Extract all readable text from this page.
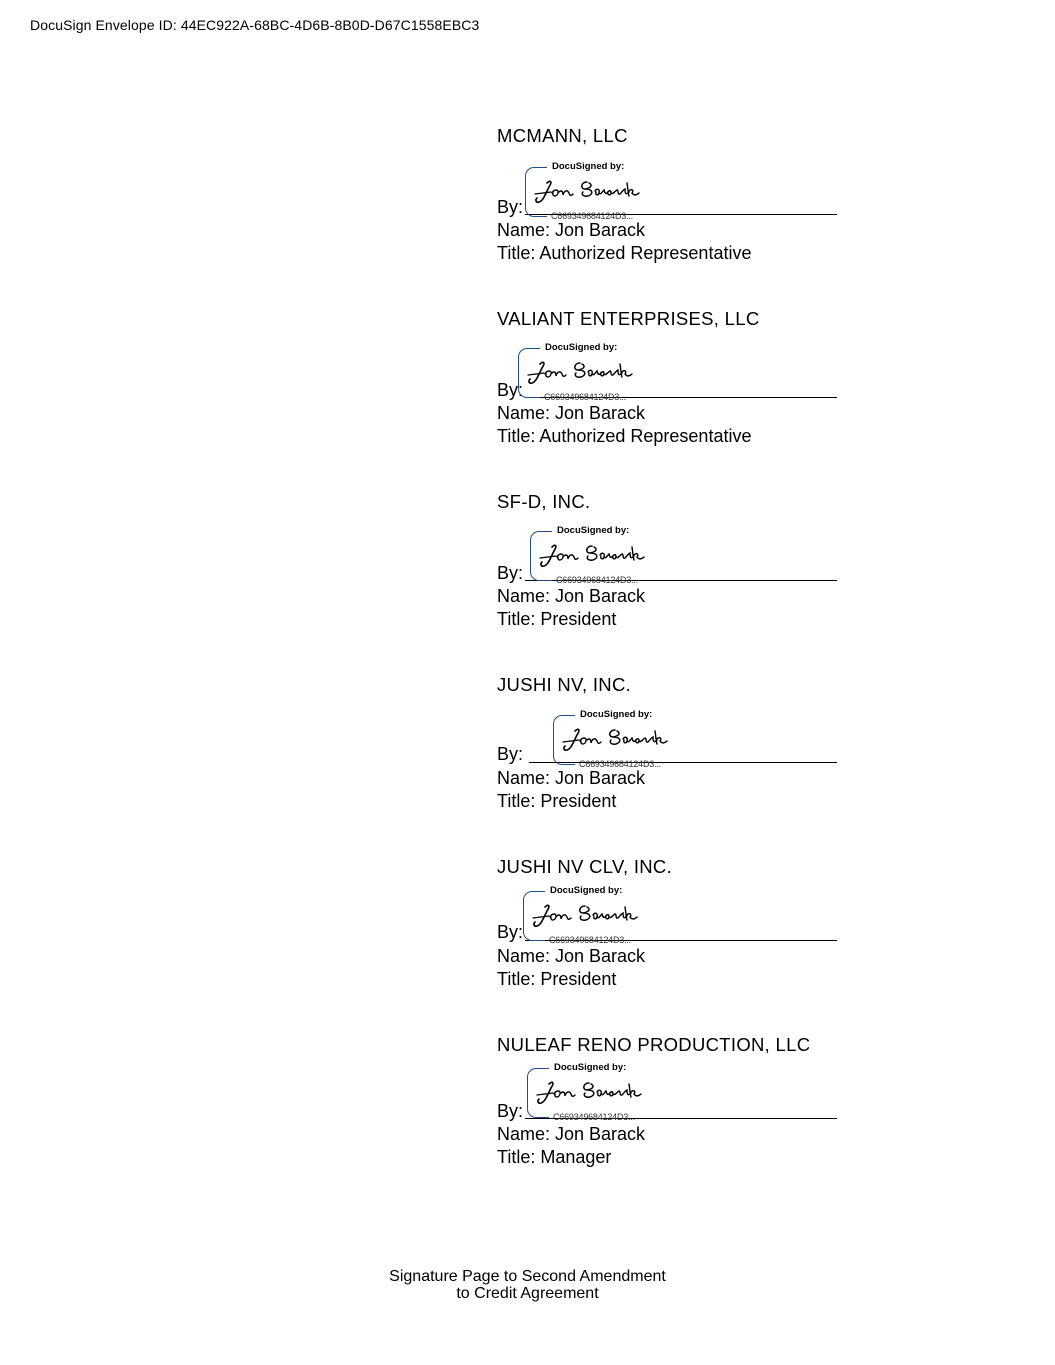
DocuSign Envelope ID: 44EC922A-68BC-4D6B-8B0D-D67C1558EBC3
MCMANN, LLC
By:
DocuSigned by:
C669349684124D3...
Name: Jon Barack
Title: Authorized Representative
VALIANT ENTERPRISES, LLC
By:
DocuSigned by:
C669349684124D3...
Name: Jon Barack
Title: Authorized Representative
SF-D, INC.
By:
DocuSigned by:
C669349684124D3...
Name: Jon Barack
Title: President
JUSHI NV, INC.
By:
DocuSigned by:
C669349684124D3...
Name: Jon Barack
Title: President
JUSHI NV CLV, INC.
By:
DocuSigned by:
C669349684124D3...
Name: Jon Barack
Title: President
NULEAF RENO PRODUCTION, LLC
By:
DocuSigned by:
C669349684124D3...
Name: Jon Barack
Title: Manager
Signature Page to Second Amendment
to Credit Agreement
